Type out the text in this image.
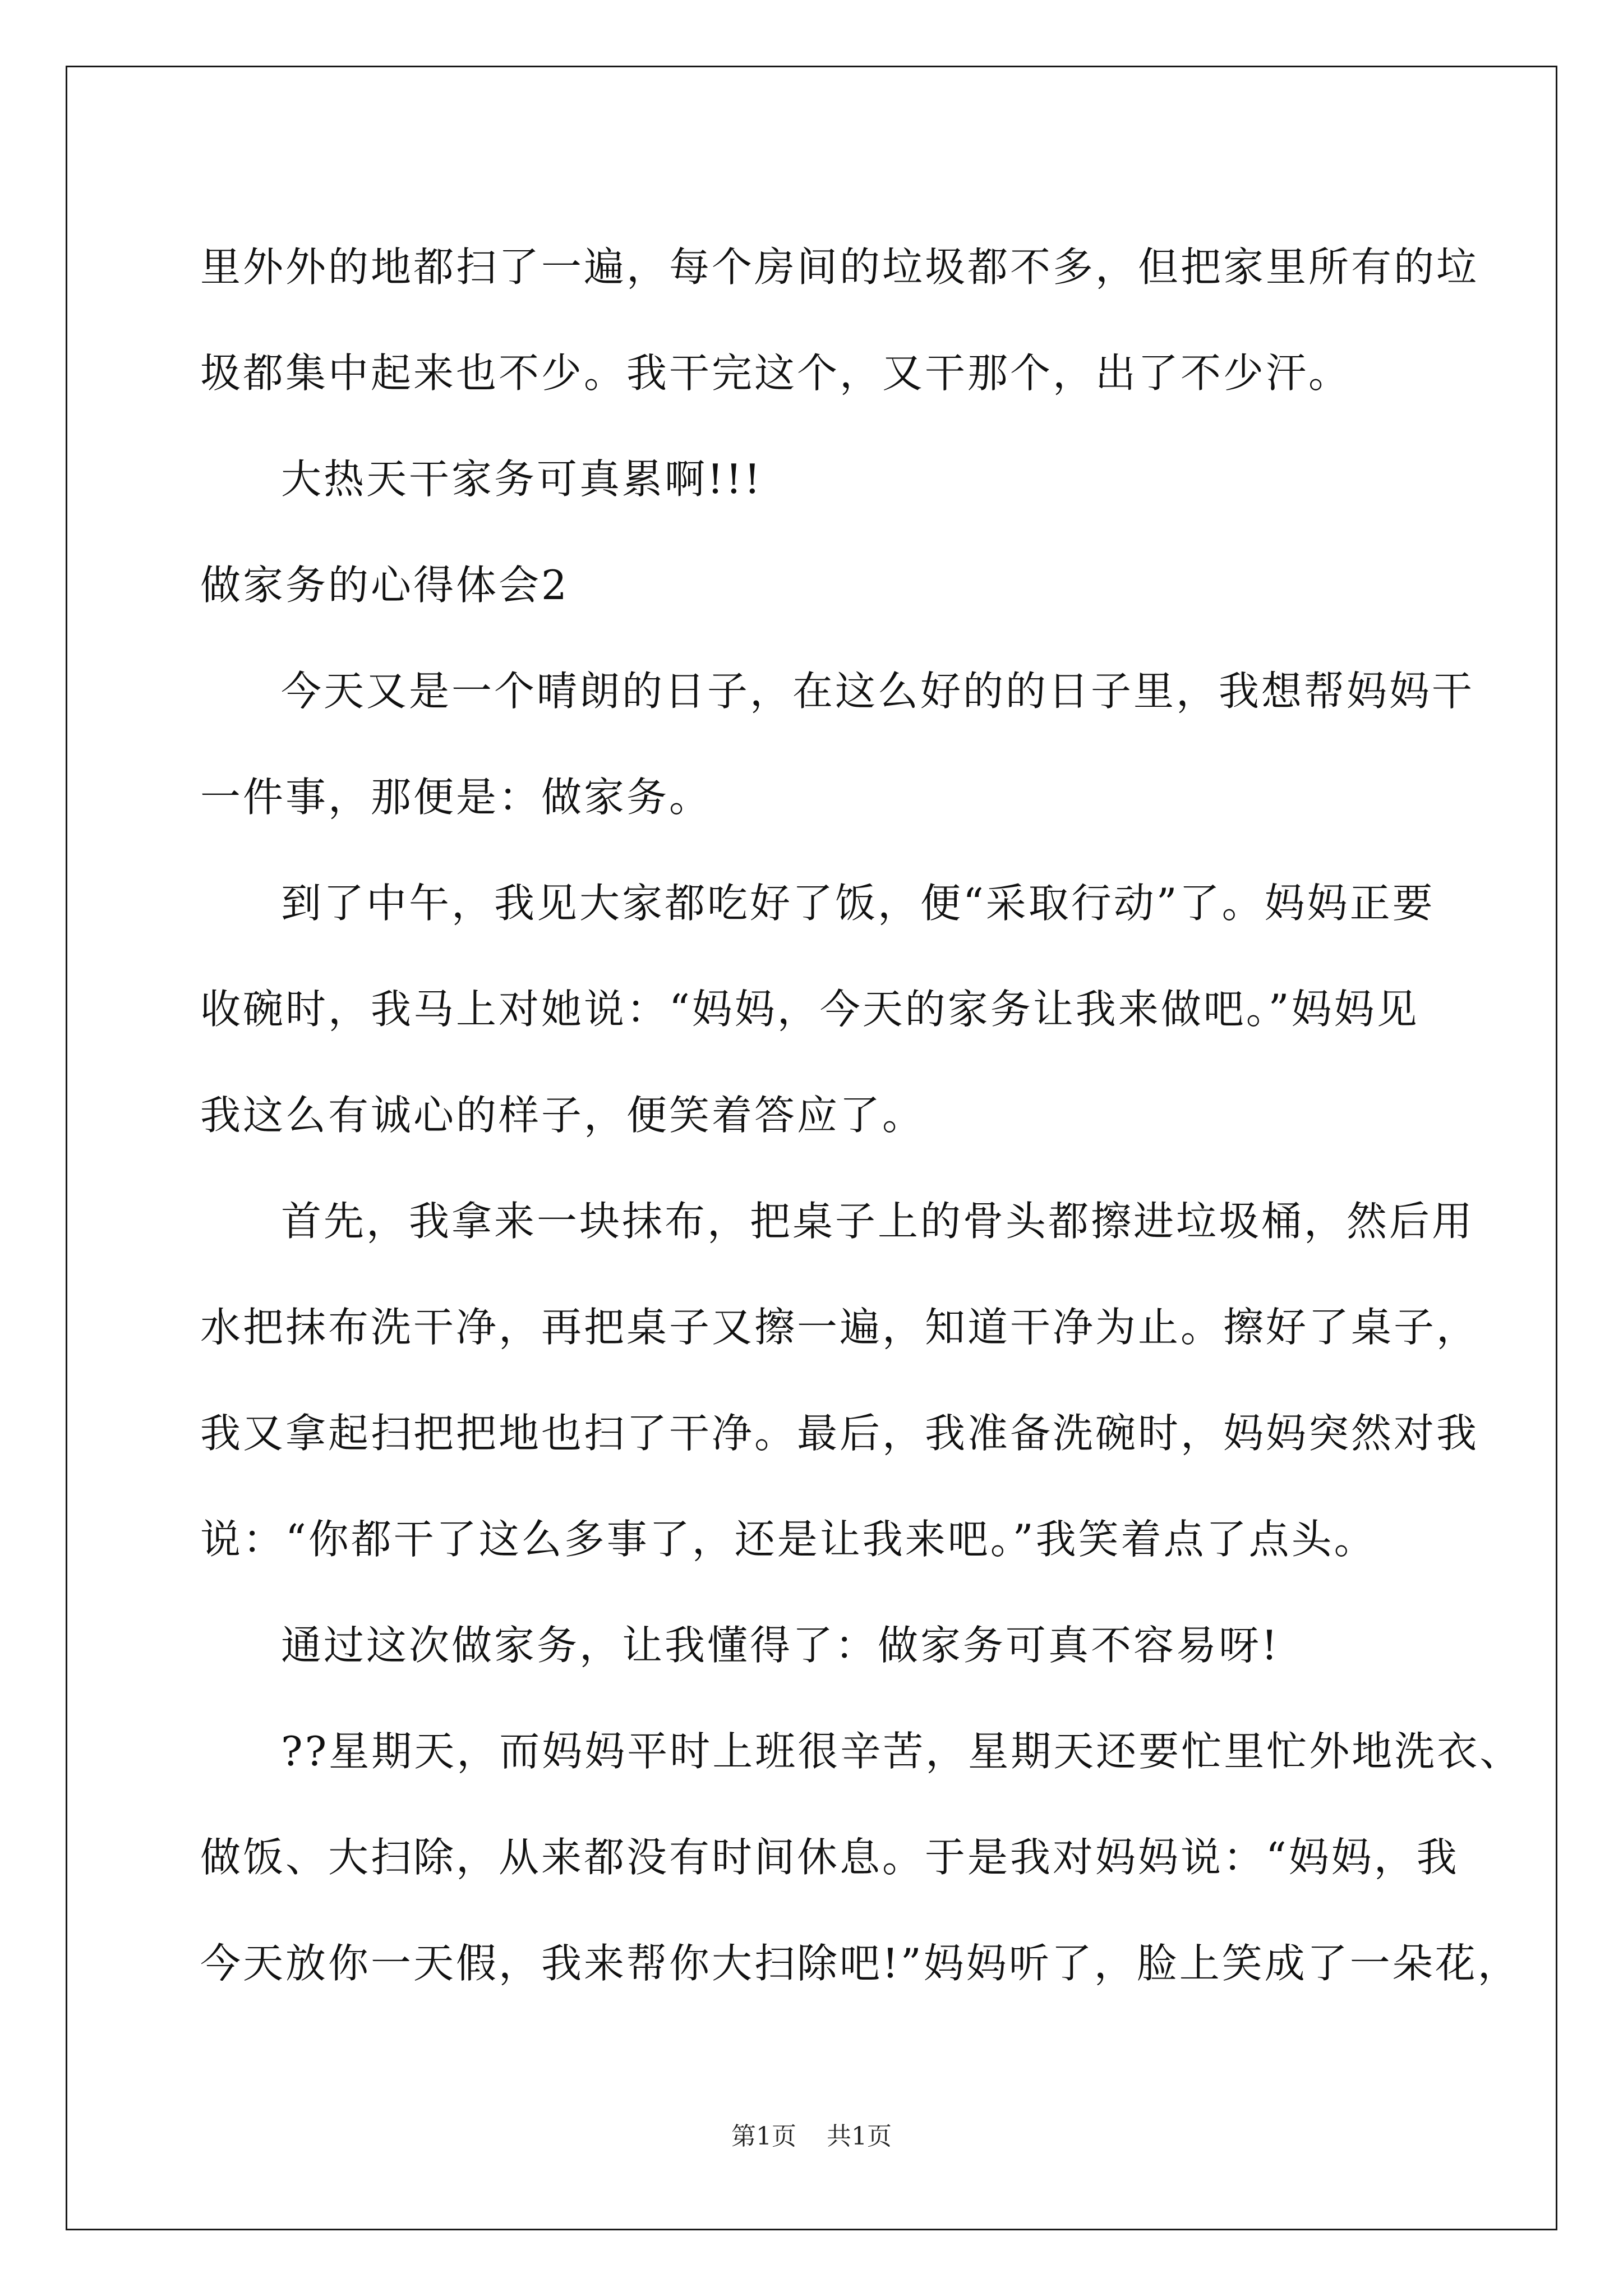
里外外的地都扫了一遍，每个房间的垃圾都不多，但把家里所有的垃
圾都集中起来也不少。我干完这个，又干那个，出了不少汗。
大热天干家务可真累啊!!!
做家务的心得体会2
今天又是一个晴朗的日子，在这么好的的日子里，我想帮妈妈干
一件事，那便是：做家务。
到了中午，我见大家都吃好了饭，便“采取行动”了。妈妈正要
收碗时，我马上对她说：“妈妈，今天的家务让我来做吧。”妈妈见
我这么有诚心的样子，便笑着答应了。
首先，我拿来一块抹布，把桌子上的骨头都擦进垃圾桶，然后用
水把抹布洗干净，再把桌子又擦一遍，知道干净为止。擦好了桌子，
我又拿起扫把把地也扫了干净。最后，我准备洗碗时，妈妈突然对我
说：“你都干了这么多事了，还是让我来吧。”我笑着点了点头。
通过这次做家务，让我懂得了：做家务可真不容易呀!
??星期天，而妈妈平时上班很辛苦，星期天还要忙里忙外地洗衣、
做饭、大扫除，从来都没有时间休息。于是我对妈妈说：“妈妈，我
今天放你一天假，我来帮你大扫除吧!”妈妈听了，脸上笑成了一朵花，
第1页 共1页
